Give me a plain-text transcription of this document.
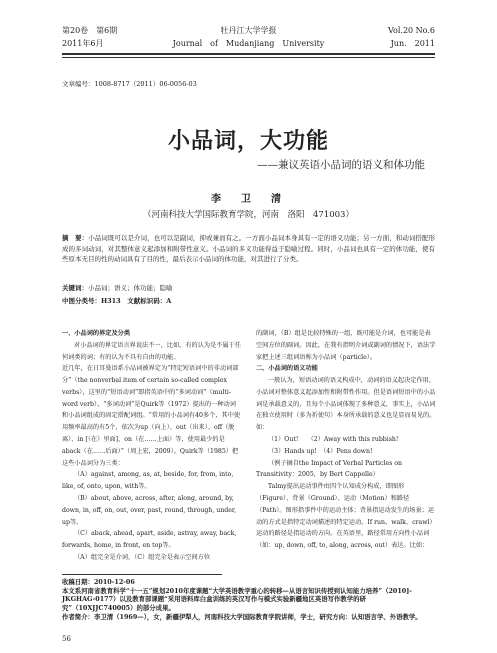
第20卷　第6期	牡丹江大学学报	Vol.20 No.6
2011年6月	Journal　of　Mudanjiang　University	Jun.　2011
文章编号：1008-8717（2011）06-0056-03
小品词，大功能
——兼议英语小品词的语义和体功能
李　卫　清
（河南科技大学国际教育学院，河南　洛阳　471003）
摘　要：小品词既可以是介词，也可以是副词，抑或兼而有之。一方面小品词本身具有一定的语义功能；另一方面，和动词搭配形成的多词动词，对其整体意义起添加和附带性意义。小品词的多义功能得益于隐喻过程。同时，小品词也具有一定的体功能，使有些原本无目的性的动词具有了目的性，最后表示小品词的体功能，对其进行了分类。
关键词：小品词；语义；体功能；隐喻
中图分类号：H313　文献标识码：A

一、小品词的界定及分类

对小品词的界定语言界说法不一，比如，有的认为是不属于任何词类的词；有的认为不具有自由的功能。

近几年，在日耳曼语系小品词被界定为“特定短语词中的非动词部分”（the nonverbal item of certain so-called complex verbs），这里的“短语动词”即指英语中的“多词动词”（multi-word verb），“多词动词”是Quirk等（1972）提出的一种动词和小品词组成的固定搭配词组。“常用的小品词有40多个，其中使用频率最高的有5个，依次为up（向上）、out（出来）、off（脱离）、in [（在）里面]、on（在……上面）等，使用最少的是aback（在……后面）”（周上宏，2009）。Quirk等（1985）把这些小品词分为三类：

（A）against, among, as, at, beside, for, from, into, like, of, onto, upon, with等。

（B）about, above, across, after, along, around, by, down, in, off, on, out, over, past, round, through, under, up等。

（C）aback, ahead, apart, aside, astray, away, back, forwards, home, in front, en top等。

（A）组完全是介词，（C）组完全是表示空间方位

的副词，（B）组是比较特殊的一组，既可能是介词，也可能是表空间方位的副词。因此，在我有指明介词或副词的情况下，语法学家把上述三组词语称为小品词（particle）。

二、小品词的语义功能

一般认为，短语动词的语义构成中，动词的语义起决定作用，小品词对整体意义起添加性和附带性作用。但是语词短语中的小品词是承载意义的，且每个小品词体现了多种意义，事实上，小品词在独立使用时（多为祈使句）本身所承载的意义也是显而易见的。如：

（1）Out!　　（2）Away with this rubbish!

（3）Hands up!　（4）Pens down!

（例子摘自the Impact of Verbal Particles on Transitivity：2005，by Bert Cappelle）

Talmy提出运动事件由四个认知成分构成，即图形（Figure）、背景（Ground）、运动（Motion）和路径（Path）。图形指事件中的运动主体；背景指运动发生的场景；运动的方式是指特定动词描述的特定运动。If run、walk、crawl）运动的路径是指运动的方向。在英语里，路径常用方向性小品词（如：up, down, off, to, along, across, out）表达。比如：

收稿日期：2010-12-06

本文系河南省教育科学“十一五”规划2010年度课题“大学英语教学重心的转移—从语言知识传授到认知能力培养”（2010]-JKGHAG-0177）以及教育部课题“采用语料库白盒训练的英汉写作与模式实验新疆地区英语写作教学的研究”（10XJJC740005）的部分成果。

作者简介：李卫清（1969—），女，新疆伊犁人，河南科技大学国际教育学院讲师，学士，研究方向：认知语言学、外语教学。

56
